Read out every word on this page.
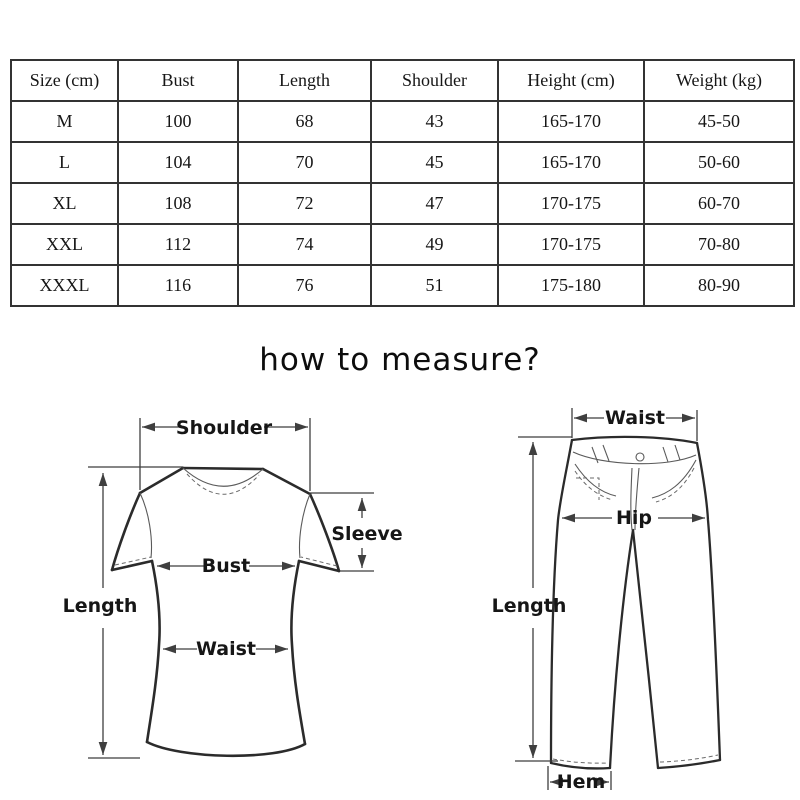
Size (cm)	Bust	Length	Shoulder	Height (cm)	Weight (kg)
M	100	68	43	165-170	45-50
L	104	70	45	165-170	50-60
XL	108	72	47	170-175	60-70
XXL	112	74	49	170-175	70-80
XXXL	116	76	51	175-180	80-90
how to measure?
Shoulder
Sleeve
Bust
Waist
Length
Waist
Hip
Length
Hem
